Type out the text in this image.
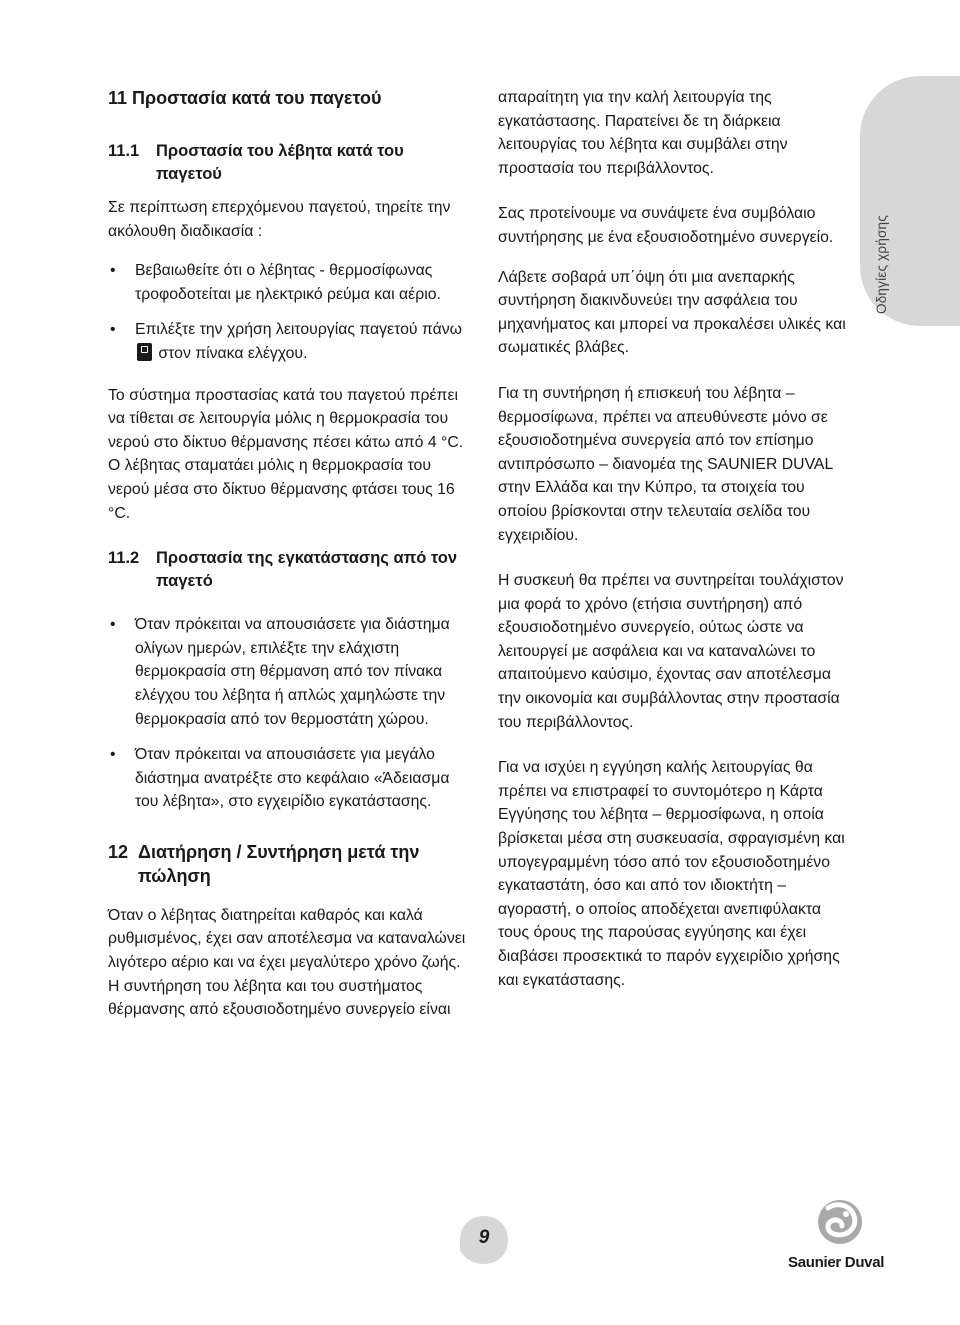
Οδηγίες χρήσης
11 Προστασία κατά του παγετού
11.1	Προστασία του λέβητα κατά του παγετού

Σε περίπτωση επερχόμενου παγετού, τηρείτε την ακόλουθη διαδικασία :

•	Βεβαιωθείτε ότι ο λέβητας - θερμοσίφωνας τροφοδοτείται με ηλεκτρικό ρεύμα και αέριο.
•	Επιλέξτε την χρήση λειτουργίας παγετού πάνω  στον πίνακα ελέγχου.

Το σύστημα προστασίας κατά του παγετού πρέπει να τίθεται σε λειτουργία μόλις η θερμοκρασία του νερού στο δίκτυο θέρμανσης πέσει κάτω από 4 °C.

Ο λέβητας σταματάει μόλις η θερμοκρασία του νερού μέσα στο δίκτυο θέρμανσης φτάσει τους 16 °C.

11.2	Προστασία της εγκατάστασης από τον παγετό
•	Όταν πρόκειται να απουσιάσετε για διάστημα ολίγων ημερών, επιλέξτε την ελάχιστη θερμοκρασία στη θέρμανση από τον πίνακα ελέγχου του λέβητα ή απλώς χαμηλώστε την θερμοκρασία από τον θερμοστάτη χώρου.
•	Όταν πρόκειται να απουσιάσετε για μεγάλο διάστημα ανατρέξτε στο κεφάλαιο «Άδειασμα του λέβητα», στο εγχειρίδιο εγκατάστασης.
12 Διατήρηση / Συντήρηση μετά την πώληση

Όταν ο λέβητας διατηρείται καθαρός και καλά ρυθμισμένος, έχει σαν αποτέλεσμα να καταναλώνει λιγότερο αέριο και να έχει μεγαλύτερο χρόνο ζωής. Η συντήρηση του λέβητα και του συστήματος θέρμανσης από εξουσιοδοτημένο συνεργείο είναι

απαραίτητη για την καλή λειτουργία της εγκατάστασης. Παρατείνει δε τη διάρκεια λειτουργίας του λέβητα και συμβάλει στην προστασία του περιβάλλοντος.

Σας προτείνουμε να συνάψετε ένα συμβόλαιο συντήρησης με ένα εξουσιοδοτημένο συνεργείο.

Λάβετε σοβαρά υπ΄όψη ότι μια ανεπαρκής συντήρηση διακινδυνεύει την ασφάλεια του μηχανήματος και μπορεί να προκαλέσει υλικές και σωματικές βλάβες.

Για τη συντήρηση ή επισκευή του λέβητα – θερμοσίφωνα, πρέπει να απευθύνεστε μόνο σε εξουσιοδοτημένα συνεργεία από τον επίσημο αντιπρόσωπο – διανομέα της SAUNIER DUVAL στην Ελλάδα και την Κύπρο, τα στοιχεία του οποίου βρίσκονται στην τελευταία σελίδα του εγχειριδίου.

Η συσκευή θα πρέπει να συντηρείται τουλάχιστον μια φορά το χρόνο (ετήσια συντήρηση) από εξουσιοδοτημένο συνεργείο, ούτως ώστε να λειτουργεί με ασφάλεια και να καταναλώνει το απαιτούμενο καύσιμο, έχοντας σαν αποτέλεσμα την οικονομία και συμβάλλοντας στην προστασία του περιβάλλοντος.

Για να ισχύει η εγγύηση καλής λειτουργίας θα πρέπει να επιστραφεί το συντομότερο η Κάρτα Εγγύησης του λέβητα – θερμοσίφωνα, η οποία βρίσκεται μέσα στη συσκευασία, σφραγισμένη και υπογεγραμμένη τόσο από τον εξουσιοδοτημένο εγκαταστάτη, όσο και από τον ιδιοκτήτη – αγοραστή, ο οποίος αποδέχεται ανεπιφύλακτα τους όρους της παρούσας εγγύησης και έχει διαβάσει προσεκτικά το παρόν εγχειρίδιο χρήσης και εγκατάστασης.

9
Saunier Duval
